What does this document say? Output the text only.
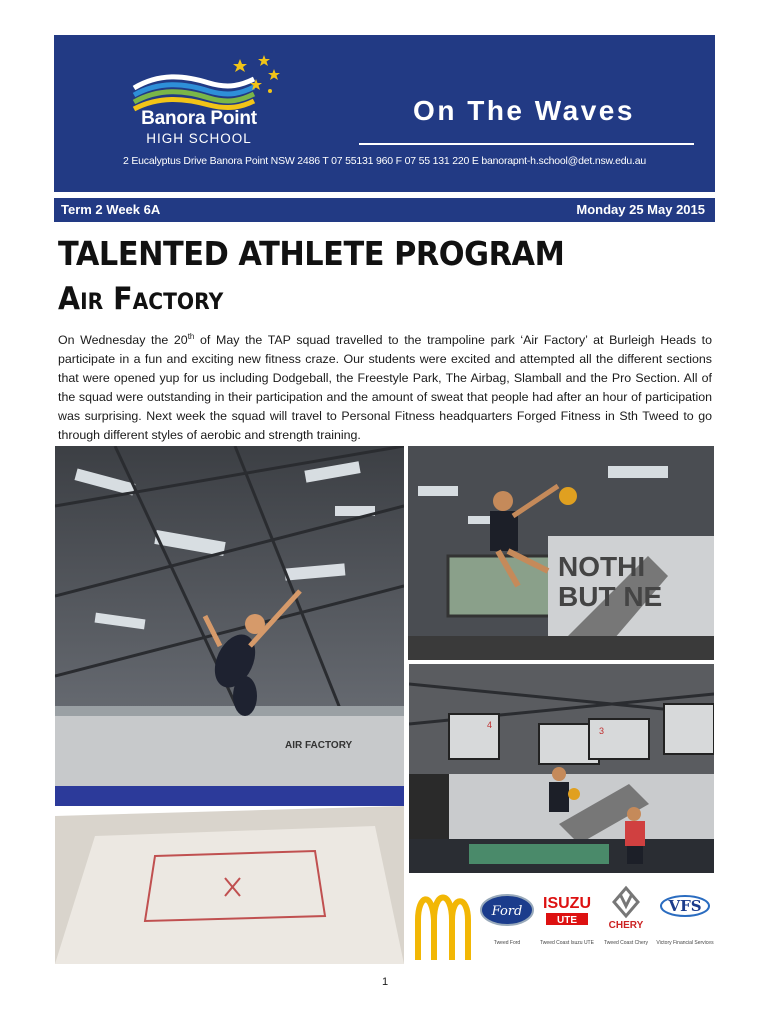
Banora Point
HIGH SCHOOL
On The Waves
2 Eucalyptus Drive Banora Point NSW 2486 T 07 55131 960 F 07 55 131 220 E banorapnt-h.school@det.nsw.edu.au
Term 2 Week 6A	Monday 25 May 2015
TALENTED ATHLETE PROGRAM
Air Factory
On Wednesday the 20th of May the TAP squad travelled to the trampoline park ‘Air Factory’ at Burleigh Heads to participate in a fun and exciting new fitness craze. Our students were excited and attempted all the different sections that were opened yup for us including Dodgeball, the Freestyle Park, The Airbag, Slamball and the Pro Section. All of the squad were outstanding in their participation and the amount of sweat that people had after an hour of participation was surprising. Next week the squad will travel to Personal Fitness headquarters Forged Fitness in Sth Tweed to go through different styles of aerobic and strength training.
AIR FACTORY
NOTHI
BUT NE
4
3
Ford
Tweed Ford
ISUZU
UTE
Tweed Coast Isuzu UTE
CHERY
Tweed Coast Chery
VFS
Victory Financial Services
1
